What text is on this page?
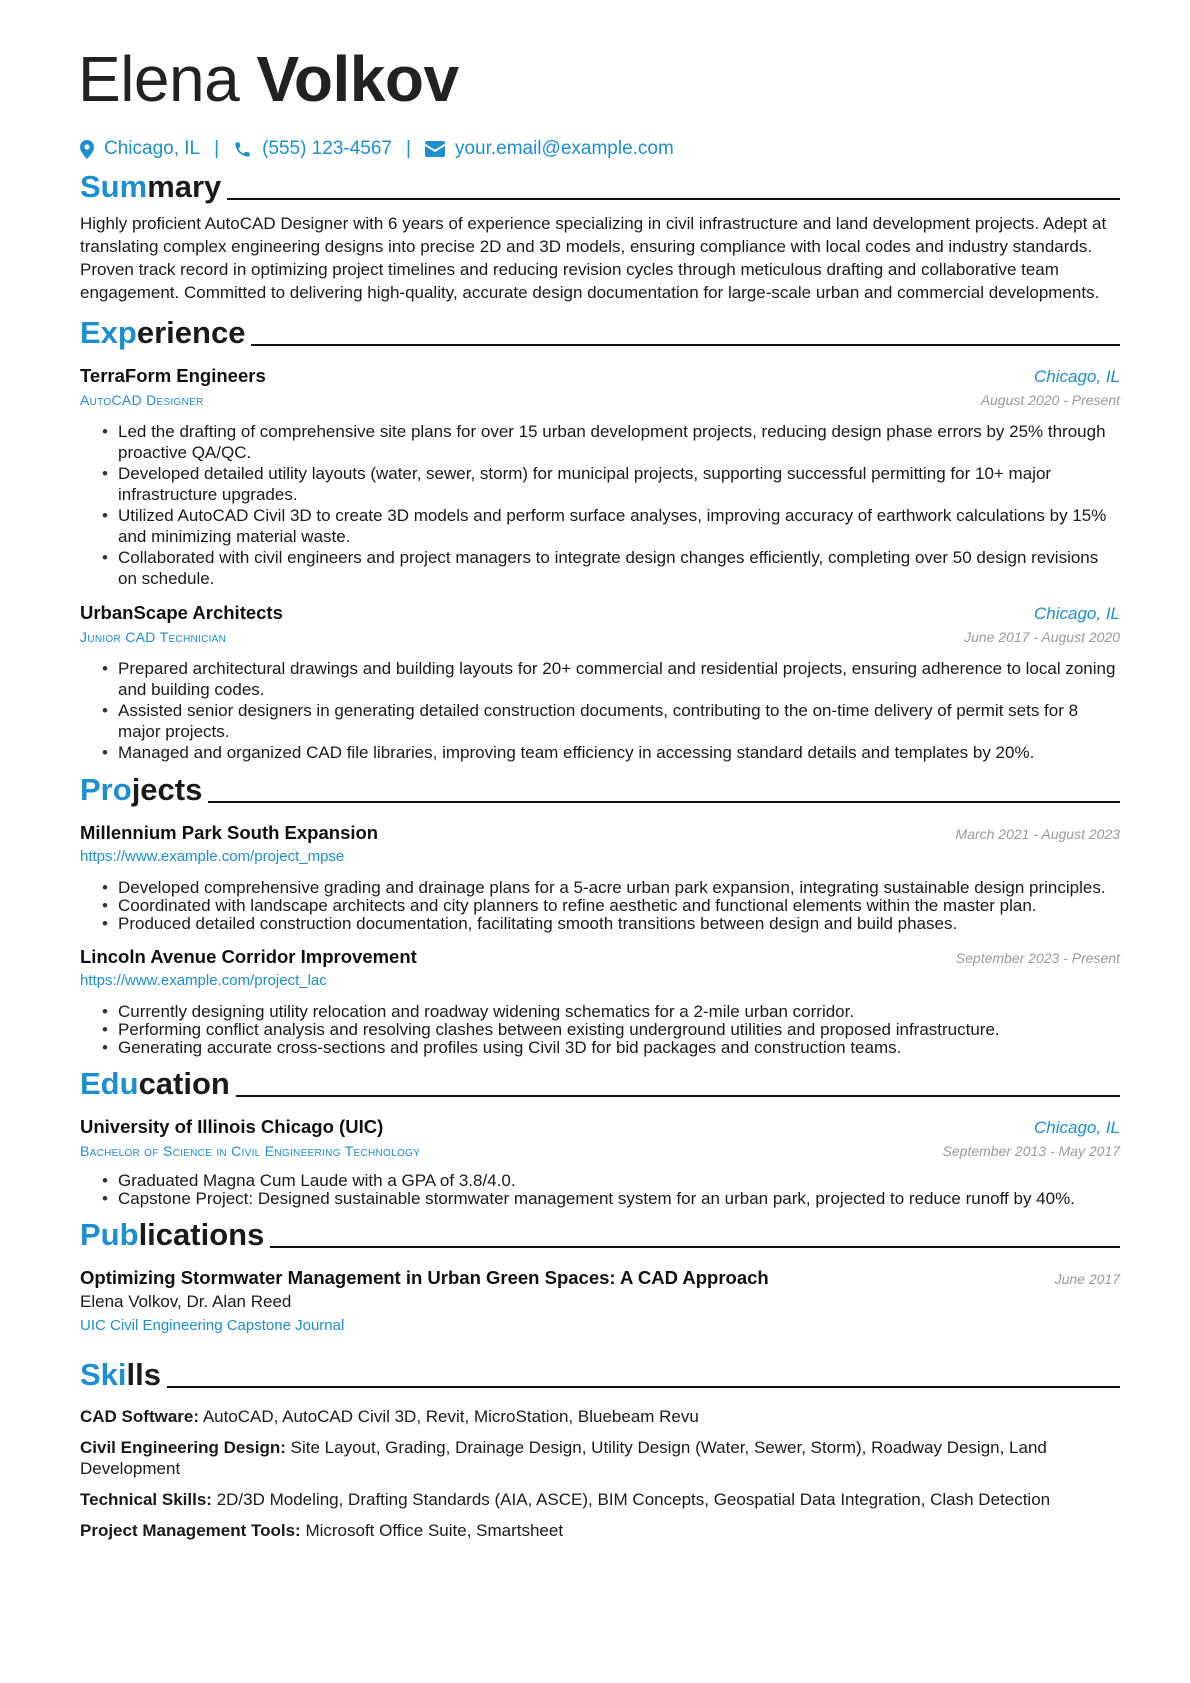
Elena Volkov
Chicago, IL | (555) 123-4567 | your.email@example.com
Summary

Highly proficient AutoCAD Designer with 6 years of experience specializing in civil infrastructure and land development projects. Adept at translating complex engineering designs into precise 2D and 3D models, ensuring compliance with local codes and industry standards. Proven track record in optimizing project timelines and reducing revision cycles through meticulous drafting and collaborative team engagement. Committed to delivering high-quality, accurate design documentation for large-scale urban and commercial developments.

Experience
TerraForm Engineers	Chicago, IL
AutoCAD Designer	August 2020 - Present
• Led the drafting of comprehensive site plans for over 15 urban development projects, reducing design phase errors by 25% through proactive QA/QC.
• Developed detailed utility layouts (water, sewer, storm) for municipal projects, supporting successful permitting for 10+ major infrastructure upgrades.
• Utilized AutoCAD Civil 3D to create 3D models and perform surface analyses, improving accuracy of earthwork calculations by 15% and minimizing material waste.
• Collaborated with civil engineers and project managers to integrate design changes efficiently, completing over 50 design revisions on schedule.
UrbanScape Architects	Chicago, IL
Junior CAD Technician	June 2017 - August 2020
• Prepared architectural drawings and building layouts for 20+ commercial and residential projects, ensuring adherence to local zoning and building codes.
• Assisted senior designers in generating detailed construction documents, contributing to the on-time delivery of permit sets for 8 major projects.
• Managed and organized CAD file libraries, improving team efficiency in accessing standard details and templates by 20%.
Projects
Millennium Park South Expansion	March 2021 - August 2023
https://www.example.com/project_mpse
• Developed comprehensive grading and drainage plans for a 5-acre urban park expansion, integrating sustainable design principles.
• Coordinated with landscape architects and city planners to refine aesthetic and functional elements within the master plan.
• Produced detailed construction documentation, facilitating smooth transitions between design and build phases.
Lincoln Avenue Corridor Improvement	September 2023 - Present
https://www.example.com/project_lac
• Currently designing utility relocation and roadway widening schematics for a 2-mile urban corridor.
• Performing conflict analysis and resolving clashes between existing underground utilities and proposed infrastructure.
• Generating accurate cross-sections and profiles using Civil 3D for bid packages and construction teams.
Education
University of Illinois Chicago (UIC)	Chicago, IL
Bachelor of Science in Civil Engineering Technology	September 2013 - May 2017
• Graduated Magna Cum Laude with a GPA of 3.8/4.0.
• Capstone Project: Designed sustainable stormwater management system for an urban park, projected to reduce runoff by 40%.
Publications
Optimizing Stormwater Management in Urban Green Spaces: A CAD Approach	June 2017
Elena Volkov, Dr. Alan Reed
UIC Civil Engineering Capstone Journal
Skills
CAD Software: AutoCAD, AutoCAD Civil 3D, Revit, MicroStation, Bluebeam Revu
Civil Engineering Design: Site Layout, Grading, Drainage Design, Utility Design (Water, Sewer, Storm), Roadway Design, Land Development
Technical Skills: 2D/3D Modeling, Drafting Standards (AIA, ASCE), BIM Concepts, Geospatial Data Integration, Clash Detection
Project Management Tools: Microsoft Office Suite, Smartsheet
